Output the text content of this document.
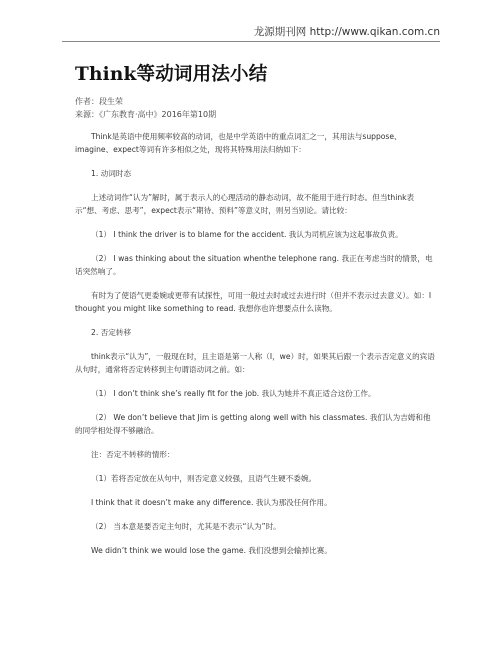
龙源期刊网 http://www.qikan.com.cn
Think等动词用法小结
作者：段生荣
来源：《广东教育·高中》2016年第10期

Think是英语中使用频率较高的动词，也是中学英语中的重点词汇之一，其用法与suppose、imagine、expect等词有许多相似之处，现将其特殊用法归纳如下：

1. 动词时态

上述动词作“认为”解时，属于表示人的心理活动的静态动词，故不能用于进行时态。但当think表示“想、考虑、思考”，expect表示“期待、预料”等意义时，则另当别论。请比较：

（1） I think the driver is to blame for the accident. 我认为司机应该为这起事故负责。

（2） I was thinking about the situation whenthe telephone rang. 我正在考虑当时的情景，电话突然响了。

有时为了使语气更委婉或更带有试探性，可用一般过去时或过去进行时（但并不表示过去意义）。如：I thought you might like something to read. 我想你也许想要点什么读物。

2. 否定转移

think表示“认为”，一般现在时，且主语是第一人称（I，we）时，如果其后跟一个表示否定意义的宾语从句时，通常将否定转移到主句谓语动词之前。如：

（1） I don’t think she’s really fit for the job. 我认为她并不真正适合这份工作。

（2） We don’t believe that Jim is getting along well with his classmates. 我们认为吉姆和他的同学相处得不够融洽。

注：否定不转移的情形：

（1）若将否定放在从句中，则否定意义较强，且语气生硬不委婉。

I think that it doesn’t make any difference. 我认为那没任何作用。

（2） 当本意是要否定主句时，尤其是不表示“认为”时。

We didn’t think we would lose the game. 我们没想到会输掉比赛。
